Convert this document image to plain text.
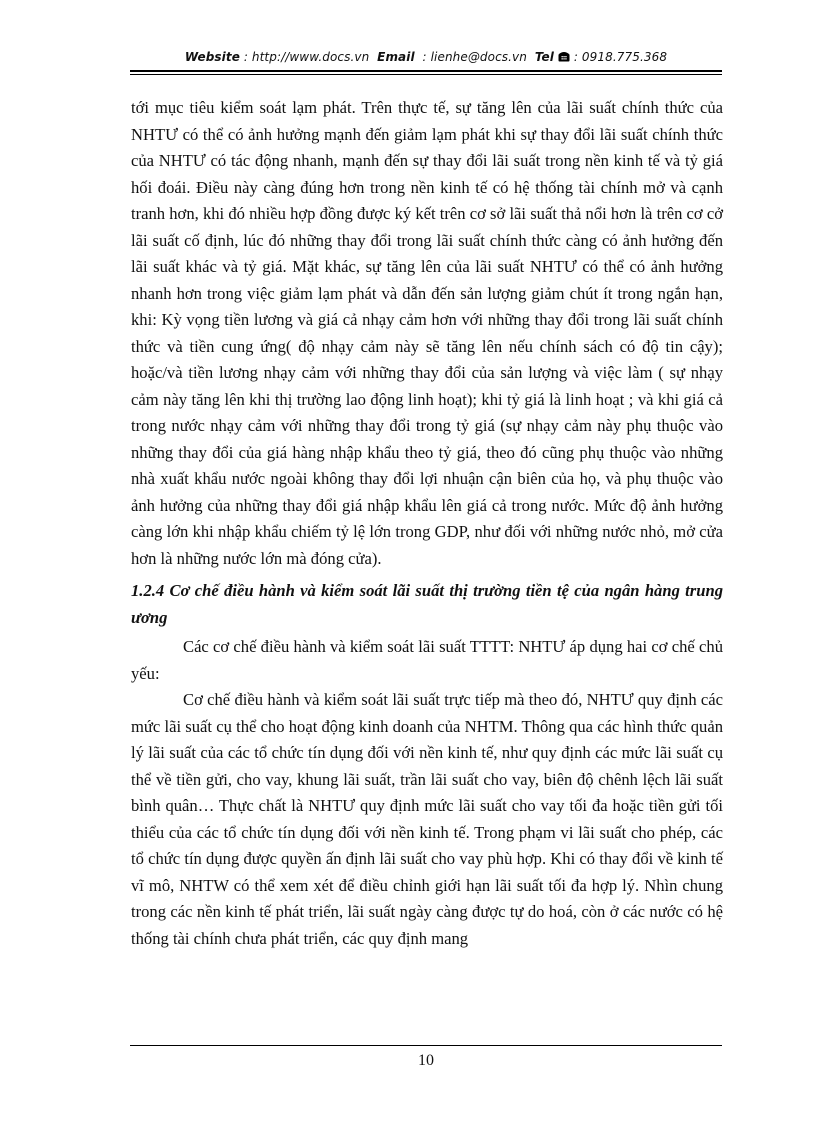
Website : http://www.docs.vn Email : lienhe@docs.vn Tel : 0918.775.368

tới mục tiêu kiểm soát lạm phát. Trên thực tế, sự tăng lên của lãi suất chính thức của NHTƯ có thể có ảnh hưởng mạnh đến giảm lạm phát khi sự thay đổi lãi suất chính thức của NHTƯ có tác động nhanh, mạnh đến sự thay đổi lãi suất trong nền kinh tế và tỷ giá hối đoái. Điều này càng đúng hơn trong nền kinh tế có hệ thống tài chính mở và cạnh tranh hơn, khi đó nhiều hợp đồng được ký kết trên cơ sở lãi suất thả nổi hơn là trên cơ cở lãi suất cố định, lúc đó những thay đổi trong lãi suất chính thức càng có ảnh hưởng đến lãi suất khác và tỷ giá. Mặt khác, sự tăng lên của lãi suất NHTƯ có thể có ảnh hưởng nhanh hơn trong việc giảm lạm phát và dẫn đến sản lượng giảm chút ít trong ngắn hạn, khi: Kỳ vọng tiền lương và giá cả nhạy cảm hơn với những thay đổi trong lãi suất chính thức và tiền cung ứng( độ nhạy cảm này sẽ tăng lên nếu chính sách có độ tin cậy); hoặc/và tiền lương nhạy cảm với những thay đổi của sản lượng và việc làm ( sự nhạy cảm này tăng lên khi thị trường lao động linh hoạt); khi tỷ giá là linh hoạt ; và khi giá cả trong nước nhạy cảm với những thay đổi trong tỷ giá (sự nhạy cảm này phụ thuộc vào những thay đổi của giá hàng nhập khẩu theo tỷ giá, theo đó cũng phụ thuộc vào những nhà xuất khẩu nước ngoài không thay đổi lợi nhuận cận biên của họ, và phụ thuộc vào ảnh hưởng của những thay đổi giá nhập khẩu lên giá cả trong nước. Mức độ ảnh hưởng càng lớn khi nhập khẩu chiếm tỷ lệ lớn trong GDP, như đối với những nước nhỏ, mở cửa hơn là những nước lớn mà đóng cửa).

1.2.4 Cơ chế điều hành và kiểm soát lãi suất thị trường tiền tệ của ngân hàng trung ương

Các cơ chế điều hành và kiểm soát lãi suất TTTT: NHTƯ áp dụng hai cơ chế chủ yếu:

Cơ chế điều hành và kiểm soát lãi suất trực tiếp mà theo đó, NHTƯ quy định các mức lãi suất cụ thể cho hoạt động kinh doanh của NHTM. Thông qua các hình thức quản lý lãi suất của các tổ chức tín dụng đối với nền kinh tế, như quy định các mức lãi suất cụ thể về tiền gửi, cho vay, khung lãi suất, trần lãi suất cho vay, biên độ chênh lệch lãi suất bình quân… Thực chất là NHTƯ quy định mức lãi suất cho vay tối đa hoặc tiền gửi tối thiểu của các tổ chức tín dụng đối với nền kinh tế. Trong phạm vi lãi suất cho phép, các tổ chức tín dụng được quyền ấn định lãi suất cho vay phù hợp. Khi có thay đổi về kinh tế vĩ mô, NHTW có thể xem xét để điều chỉnh giới hạn lãi suất tối đa hợp lý. Nhìn chung trong các nền kinh tế phát triển, lãi suất ngày càng được tự do hoá, còn ở các nước có hệ thống tài chính chưa phát triển, các quy định mang

10
